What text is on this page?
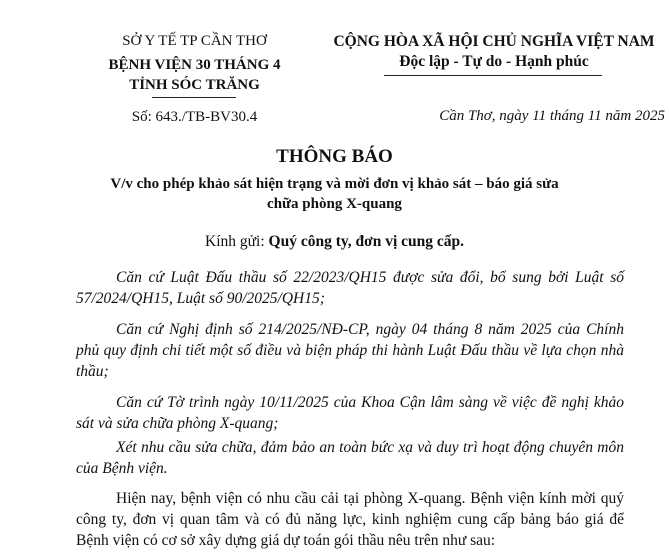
SỞ Y TẾ TP CẦN THƠ
BỆNH VIỆN 30 THÁNG 4
TỈNH SÓC TRĂNG
Số: 643./TB-BV30.4
CỘNG HÒA XÃ HỘI CHỦ NGHĨA VIỆT NAM
Độc lập - Tự do - Hạnh phúc
Cần Thơ, ngày 11 tháng 11 năm 2025
THÔNG BÁO
V/v cho phép khảo sát hiện trạng và mời đơn vị khảo sát – báo giá sửa
chữa phòng X-quang
Kính gửi: Quý công ty, đơn vị cung cấp.
Căn cứ Luật Đấu thầu số 22/2023/QH15 được sửa đổi, bổ sung bởi Luật số 57/2024/QH15, Luật số 90/2025/QH15;
Căn cứ Nghị định số 214/2025/NĐ-CP, ngày 04 tháng 8 năm 2025 của Chính phủ quy định chi tiết một số điều và biện pháp thi hành Luật Đấu thầu về lựa chọn nhà thầu;
Căn cứ Tờ trình ngày 10/11/2025 của Khoa Cận lâm sàng về việc đề nghị khảo sát và sửa chữa phòng X-quang;
Xét nhu cầu sửa chữa, đảm bảo an toàn bức xạ và duy trì hoạt động chuyên môn của Bệnh viện.
Hiện nay, bệnh viện có nhu cầu cải tại phòng X-quang. Bệnh viện kính mời quý công ty, đơn vị quan tâm và có đủ năng lực, kinh nghiệm cung cấp bảng báo giá để Bệnh viện có cơ sở xây dựng giá dự toán gói thầu nêu trên như sau:
